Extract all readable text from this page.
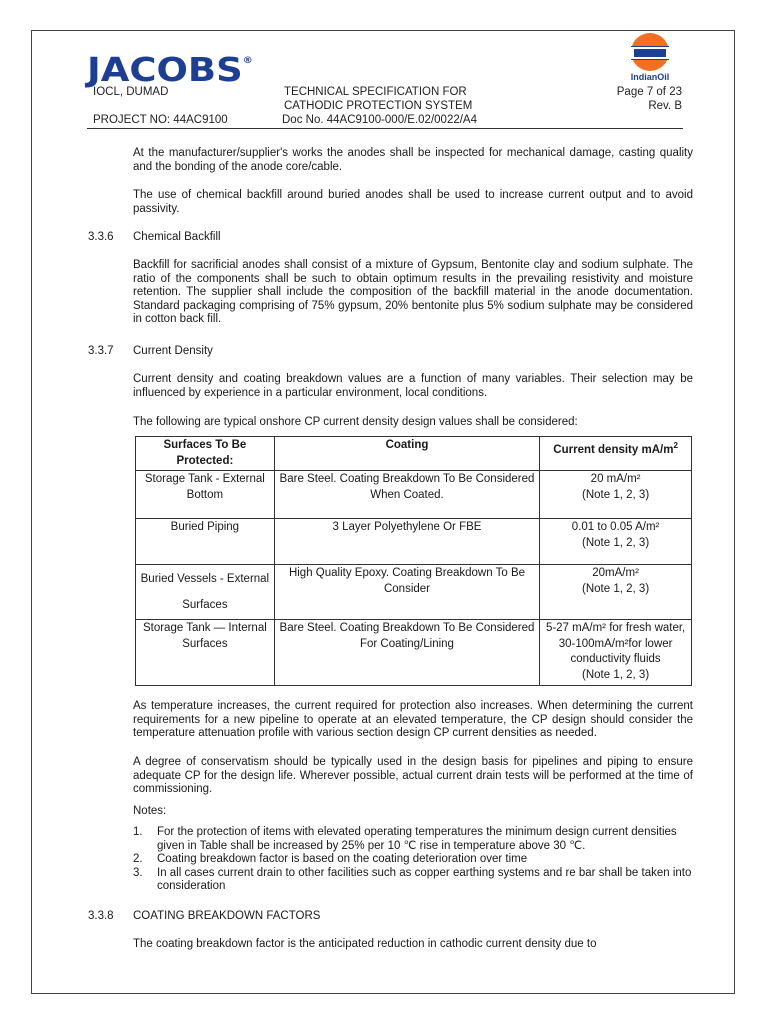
JACOBS®
IndianOil
IOCL, DUMAD	TECHNICAL SPECIFICATION FOR
CATHODIC PROTECTION SYSTEM
Page 7 of 23
Rev. B
PROJECT NO: 44AC9100	Doc No. 44AC9100-000/E.02/0022/A4
At the manufacturer/supplier's works the anodes shall be inspected for mechanical damage, casting quality and the bonding of the anode core/cable.
The use of chemical backfill around buried anodes shall be used to increase current output and to avoid passivity.
3.3.6 Chemical Backfill
Backfill for sacrificial anodes shall consist of a mixture of Gypsum, Bentonite clay and sodium sulphate. The ratio of the components shall be such to obtain optimum results in the prevailing resistivity and moisture retention. The supplier shall include the composition of the backfill material in the anode documentation. Standard packaging comprising of 75% gypsum, 20% bentonite plus 5% sodium sulphate may be considered in cotton back fill.
3.3.7 Current Density
Current density and coating breakdown values are a function of many variables. Their selection may be influenced by experience in a particular environment, local conditions.
The following are typical onshore CP current density design values shall be considered:
Surfaces To Be Protected:	Coating	Current density $mA/m^2$
Storage Tank - External Bottom	Bare Steel. Coating Breakdown To Be Considered When Coated.	20 mA/m²
(Note 1, 2, 3)

Buried Piping	3 Layer Polyethylene Or FBE	0.01 to 0.05 A/m²
(Note 1, 2, 3)

Buried Vessels - External Surfaces	High Quality Epoxy. Coating Breakdown To Be Consider	20mA/m²
(Note 1, 2, 3)

Storage Tank — Internal Surfaces	Bare Steel. Coating Breakdown To Be Considered For Coating/Lining	5-27 mA/m² for fresh water, 30-100mA/m²for lower conductivity fluids
(Note 1, 2, 3)
As temperature increases, the current required for protection also increases. When determining the current requirements for a new pipeline to operate at an elevated temperature, the CP design should consider the temperature attenuation profile with various section design CP current densities as needed.
A degree of conservatism should be typically used in the design basis for pipelines and piping to ensure adequate CP for the design life. Wherever possible, actual current drain tests will be performed at the time of commissioning.
Notes:
1.	For the protection of items with elevated operating temperatures the minimum design current densities given in Table shall be increased by 25% per 10 ℃ rise in temperature above 30 ℃.
2.	Coating breakdown factor is based on the coating deterioration over time
3.	In all cases current drain to other facilities such as copper earthing systems and re bar shall be taken into consideration
3.3.8 COATING BREAKDOWN FACTORS
The coating breakdown factor is the anticipated reduction in cathodic current density due to
